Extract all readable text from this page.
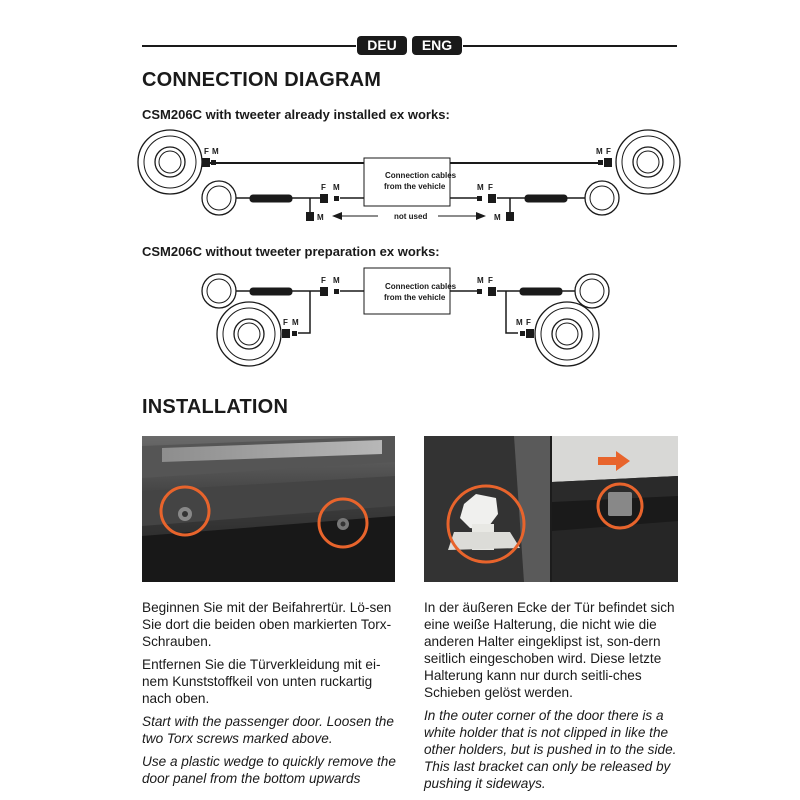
DEU	ENG
CONNECTION DIAGRAM
CSM206C with tweeter already installed ex works:
Connection cables
from the vehicle
Connection cables
from the vehicle
not used
F M	M F
F M	M F
M	M
F M	M F
F M	M F
CSM206C without tweeter preparation ex works:
INSTALLATION

Beginnen Sie mit der Beifahrertür. Lö-sen Sie dort die beiden oben markierten Torx-Schrauben.

Entfernen Sie die Türverkleidung mit ei-nem Kunststoffkeil von unten ruckartig nach oben.

Start with the passenger door. Loosen the two Torx screws marked above.

Use a plastic wedge to quickly remove the door panel from the bottom upwards

In der äußeren Ecke der Tür befindet sich eine weiße Halterung, die nicht wie die anderen Halter eingeklipst ist, son-dern seitlich eingeschoben wird. Diese letzte Halterung kann nur durch seitli-ches Schieben gelöst werden.

In the outer corner of the door there is a white holder that is not clipped in like the other holders, but is pushed in to the side. This last bracket can only be released by pushing it sideways.
